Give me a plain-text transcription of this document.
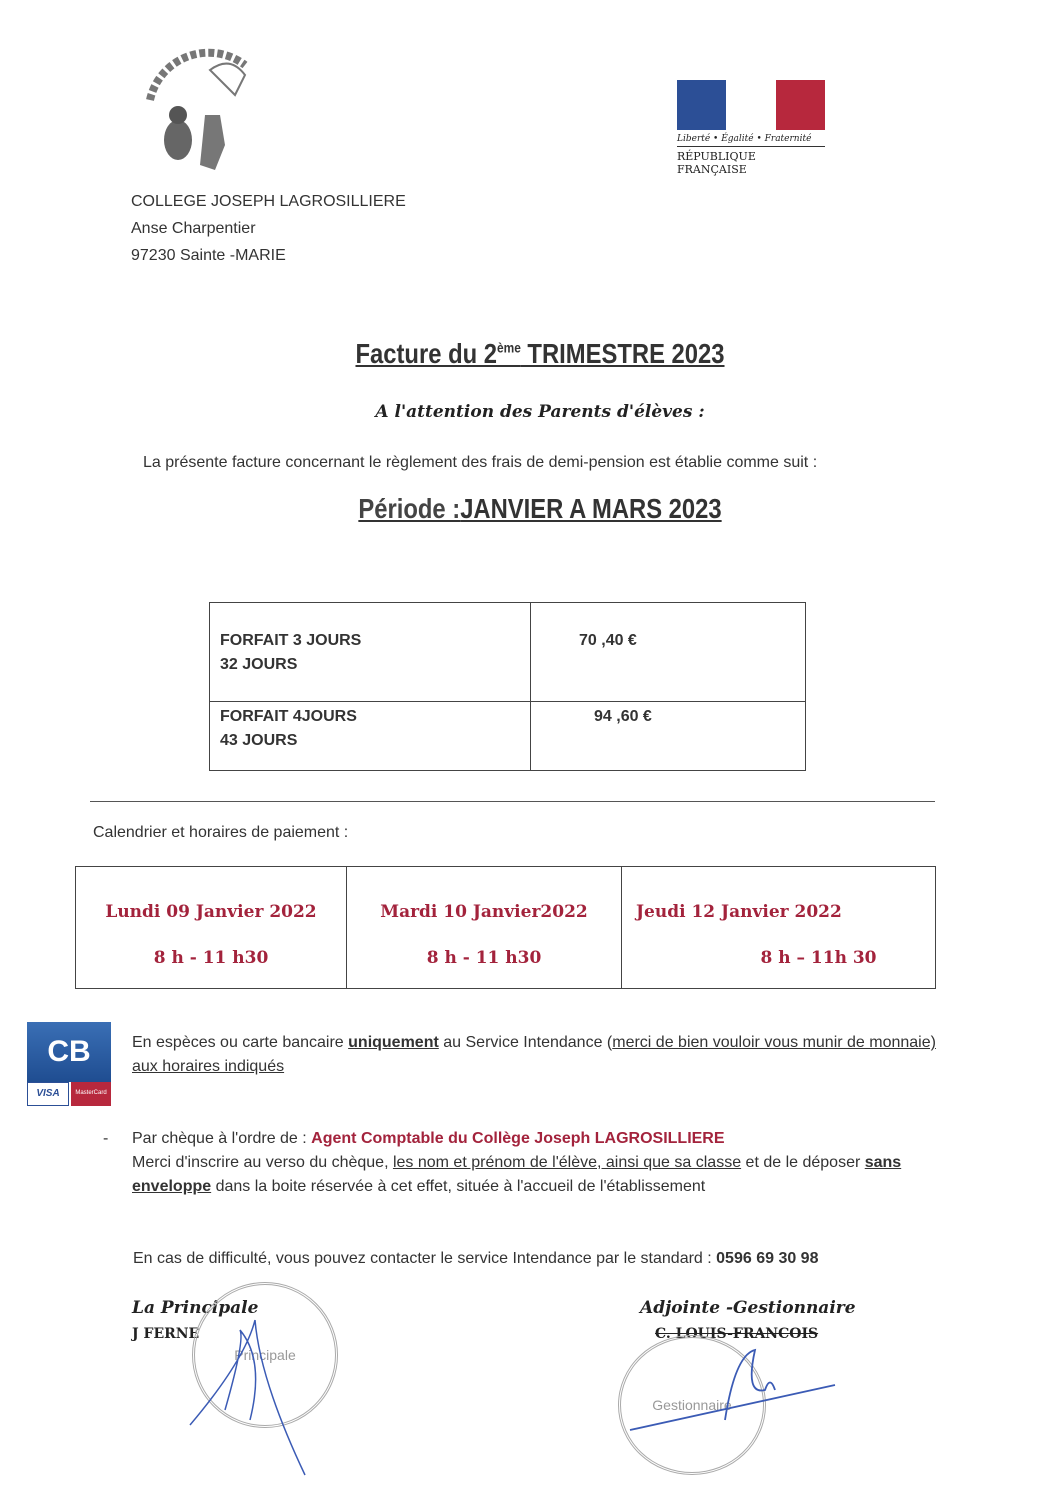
Liberté • Égalité • Fraternité
RÉPUBLIQUE FRANÇAISE
COLLEGE JOSEPH LAGROSILLIERE
Anse Charpentier
97230 Sainte -MARIE
Facture du 2ème TRIMESTRE 2023
A l'attention des Parents d'élèves :
La présente facture concernant le règlement des frais de demi-pension est établie comme suit :
Période :JANVIER A MARS 2023
FORFAIT 3 JOURS
32 JOURS	70 ,40 €

FORFAIT 4JOURS
43 JOURS	94 ,60 €
Calendrier et horaires de paiement :
Lundi 09 Janvier 2022
8 h - 11 h30

Mardi 10 Janvier2022
8 h - 11 h30

Jeudi 12 Janvier 2022
8 h – 11h 30
CB
VISA	MasterCard
En espèces ou carte bancaire uniquement au Service Intendance (merci de bien vouloir vous munir de monnaie) aux horaires indiqués
- Par chèque à l'ordre de : Agent Comptable du Collège Joseph LAGROSILLIERE
Merci d'inscrire au verso du chèque, les nom et prénom de l'élève, ainsi que sa classe et de le déposer sans enveloppe dans la boite réservée à cet effet, située à l'accueil de l'établissement
En cas de difficulté, vous pouvez contacter le service Intendance par le standard : 0596 69 30 98
La Principale
J FERNE
Principale
Adjointe -Gestionnaire
C. LOUIS-FRANCOIS
Gestionnaire
